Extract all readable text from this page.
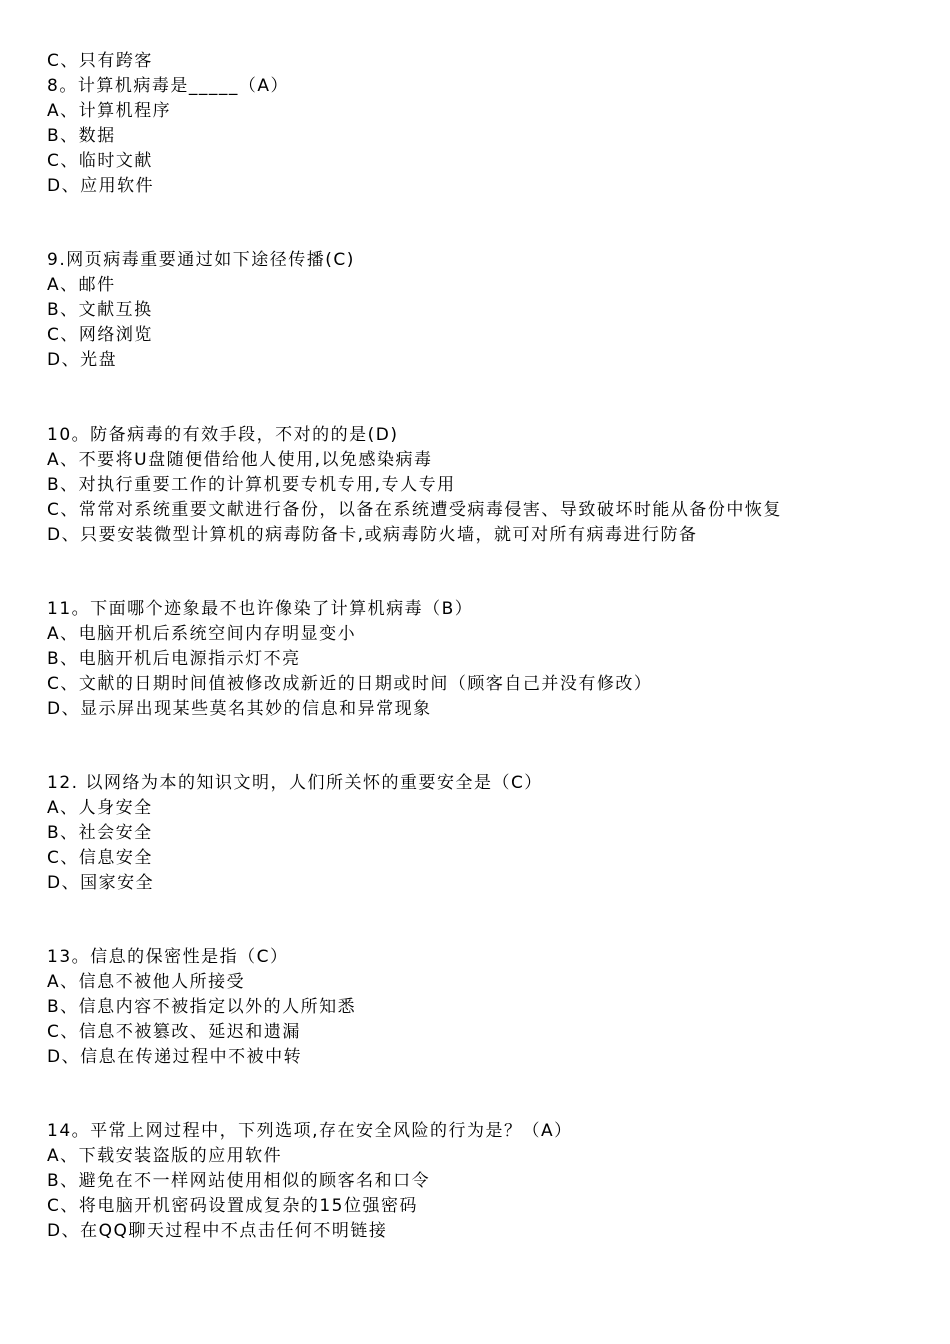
C、只有跨客
8。计算机病毒是_____（A）
A、计算机程序
B、数据
C、临时文献
D、应用软件
9.网页病毒重要通过如下途径传播(C)
A、邮件
B、文献互换
C、网络浏览
D、光盘
10。防备病毒的有效手段，不对的的是(D)
A、不要将U盘随便借给他人使用,以免感染病毒
B、对执行重要工作的计算机要专机专用,专人专用
C、常常对系统重要文献进行备份，以备在系统遭受病毒侵害、导致破坏时能从备份中恢复
D、只要安装微型计算机的病毒防备卡,或病毒防火墙，就可对所有病毒进行防备
11。下面哪个迹象最不也许像染了计算机病毒（B）
A、电脑开机后系统空间内存明显变小
B、电脑开机后电源指示灯不亮
C、文献的日期时间值被修改成新近的日期或时间（顾客自己并没有修改）
D、显示屏出现某些莫名其妙的信息和异常现象
12. 以网络为本的知识文明，人们所关怀的重要安全是（C）
A、人身安全
B、社会安全
C、信息安全
D、国家安全
13。信息的保密性是指（C）
A、信息不被他人所接受
B、信息内容不被指定以外的人所知悉
C、信息不被篡改、延迟和遗漏
D、信息在传递过程中不被中转
14。平常上网过程中，下列选项,存在安全风险的行为是？（A）
A、下载安装盗版的应用软件
B、避免在不一样网站使用相似的顾客名和口令
C、将电脑开机密码设置成复杂的15位强密码
D、在QQ聊天过程中不点击任何不明链接
